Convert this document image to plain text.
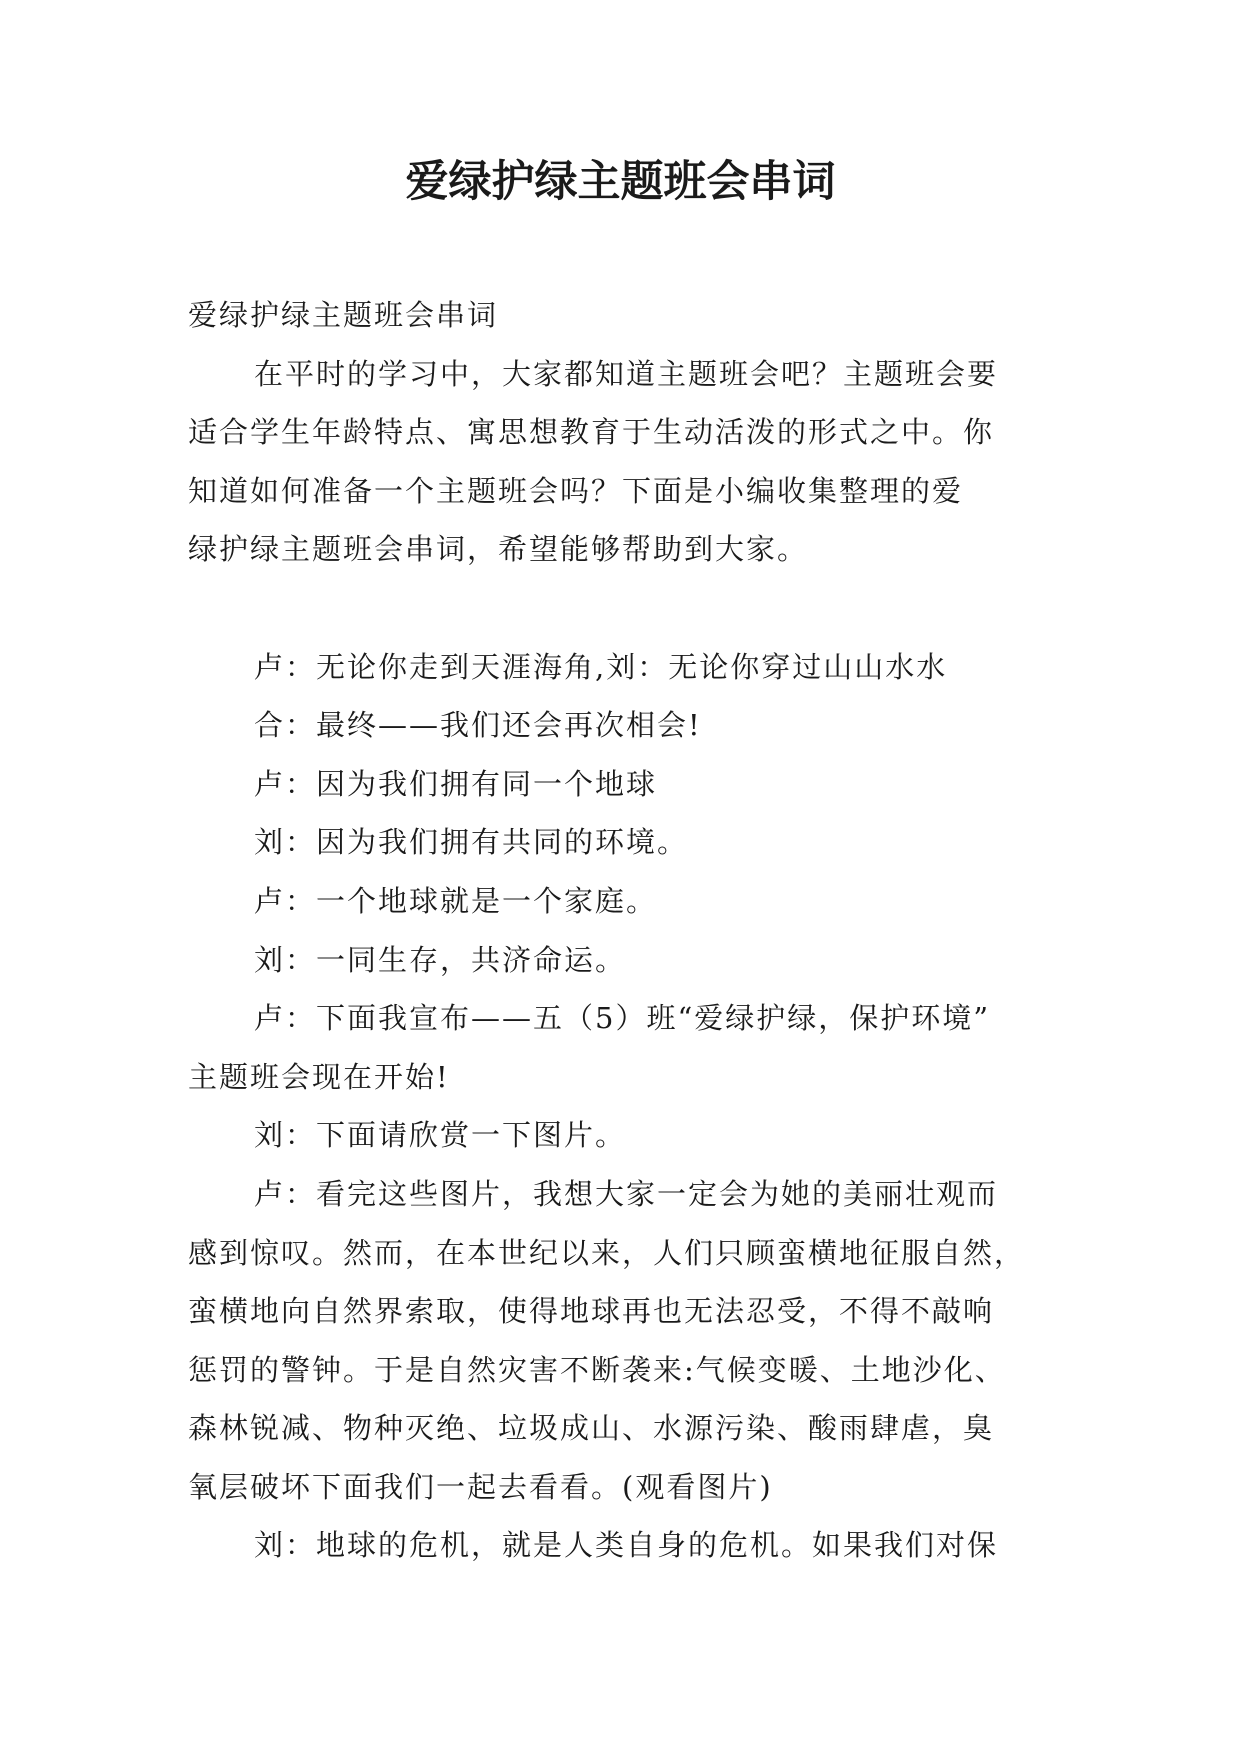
爱绿护绿主题班会串词

爱绿护绿主题班会串词

在平时的学习中，大家都知道主题班会吧？主题班会要

适合学生年龄特点、寓思想教育于生动活泼的形式之中。你

知道如何准备一个主题班会吗？下面是小编收集整理的爱

绿护绿主题班会串词，希望能够帮助到大家。

卢：无论你走到天涯海角,刘：无论你穿过山山水水

合：最终——我们还会再次相会!

卢：因为我们拥有同一个地球

刘：因为我们拥有共同的环境。

卢：一个地球就是一个家庭。

刘：一同生存，共济命运。

卢：下面我宣布——五（5）班“爱绿护绿，保护环境”

主题班会现在开始!

刘：下面请欣赏一下图片。

卢：看完这些图片，我想大家一定会为她的美丽壮观而

感到惊叹。然而，在本世纪以来，人们只顾蛮横地征服自然，

蛮横地向自然界索取，使得地球再也无法忍受，不得不敲响

惩罚的警钟。于是自然灾害不断袭来:气候变暖、土地沙化、

森林锐减、物种灭绝、垃圾成山、水源污染、酸雨肆虐，臭

氧层破坏下面我们一起去看看。(观看图片)

刘：地球的危机，就是人类自身的危机。如果我们对保
